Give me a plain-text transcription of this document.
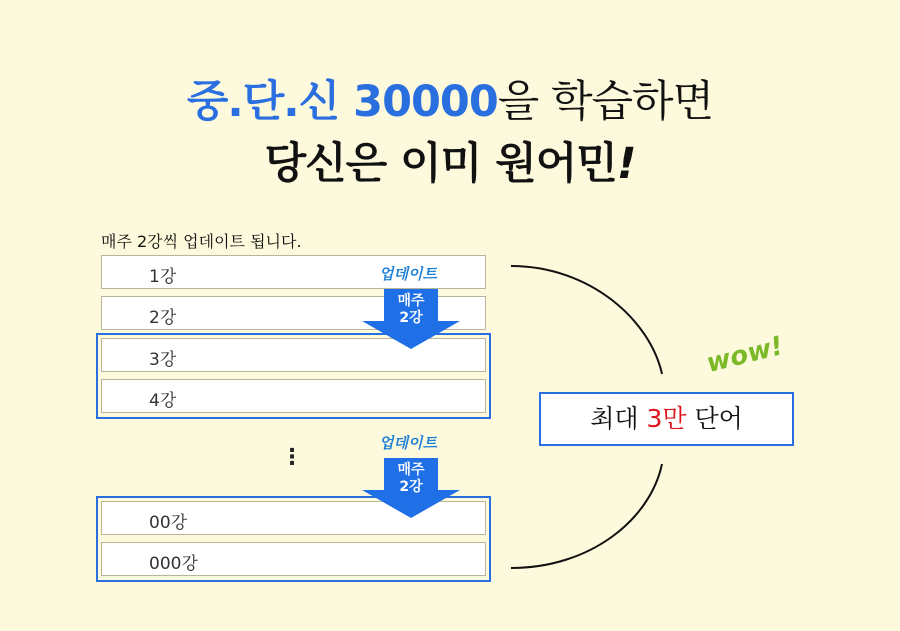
중.단.신 30000을 학습하면
당신은 이미 원어민!
매주 2강씩 업데이트 됩니다.
1강
2강
3강
4강
00강
000강
업데이트
매주
2강
업데이트
매주
2강
⋮
최대 3만 단어
wow!
